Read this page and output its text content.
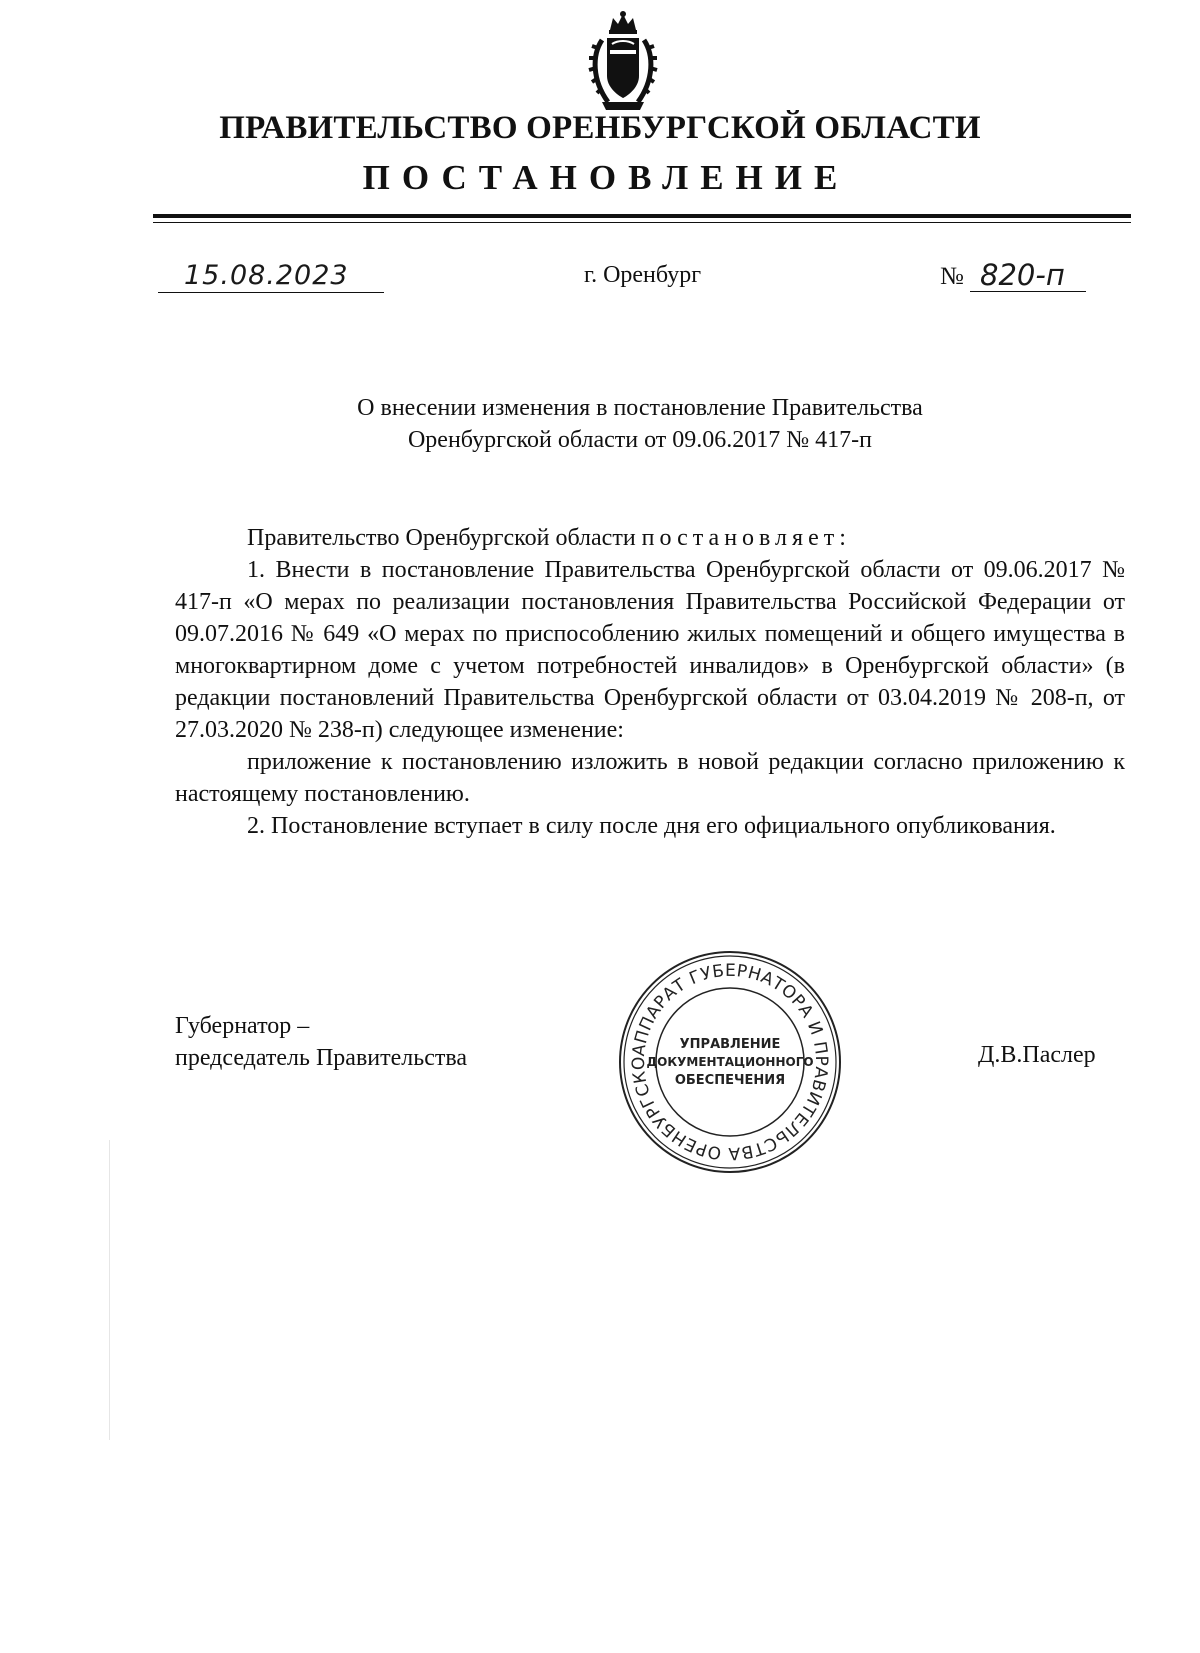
ПРАВИТЕЛЬСТВО ОРЕНБУРГСКОЙ ОБЛАСТИ
ПОСТАНОВЛЕНИЕ
15.08.2023	г. Оренбург	№ 820-п
О внесении изменения в постановление Правительства
Оренбургской области от 09.06.2017 № 417-п

Правительство Оренбургской области постановляет:

1. Внести в постановление Правительства Оренбургской области от 09.06.2017 № 417-п «О мерах по реализации постановления Правительства Российской Федерации от 09.07.2016 № 649 «О мерах по приспособлению жилых помещений и общего имущества в многоквартирном доме с учетом потребностей инвалидов» в Оренбургской области» (в редакции постановлений Правительства Оренбургской области от 03.04.2019 № 208-п, от 27.03.2020 № 238-п) следующее изменение:

приложение к постановлению изложить в новой редакции согласно приложению к настоящему постановлению.

2. Постановление вступает в силу после дня его официального опубликования.

Губернатор –
председатель Правительства	Д.В.Паслер
АППАРАТ ГУБЕРНАТОРА И ПРАВИТЕЛЬСТВА ОРЕНБУРГСКО
УПРАВЛЕНИЕ
ДОКУМЕНТАЦИОННОГО
ОБЕСПЕЧЕНИЯ
